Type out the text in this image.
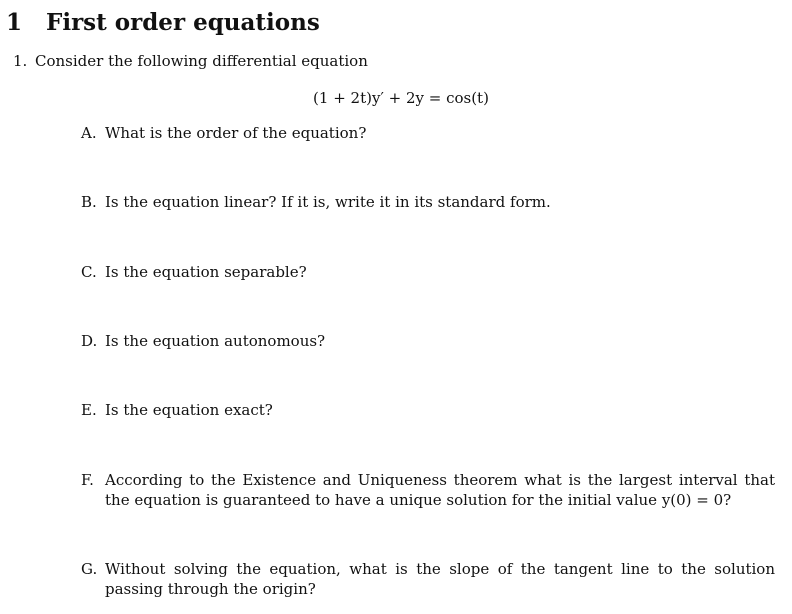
1 First order equations
1. Consider the following differential equation
(1 + 2t)y′ + 2y = cos(t)
A. What is the order of the equation?
B. Is the equation linear? If it is, write it in its standard form.
C. Is the equation separable?
D. Is the equation autonomous?
E. Is the equation exact?
F. According to the Existence and Uniqueness theorem what is the largest interval that the equation is guaranteed to have a unique solution for the initial value y(0) = 0?
G. Without solving the equation, what is the slope of the tangent line to the solution passing through the origin?
